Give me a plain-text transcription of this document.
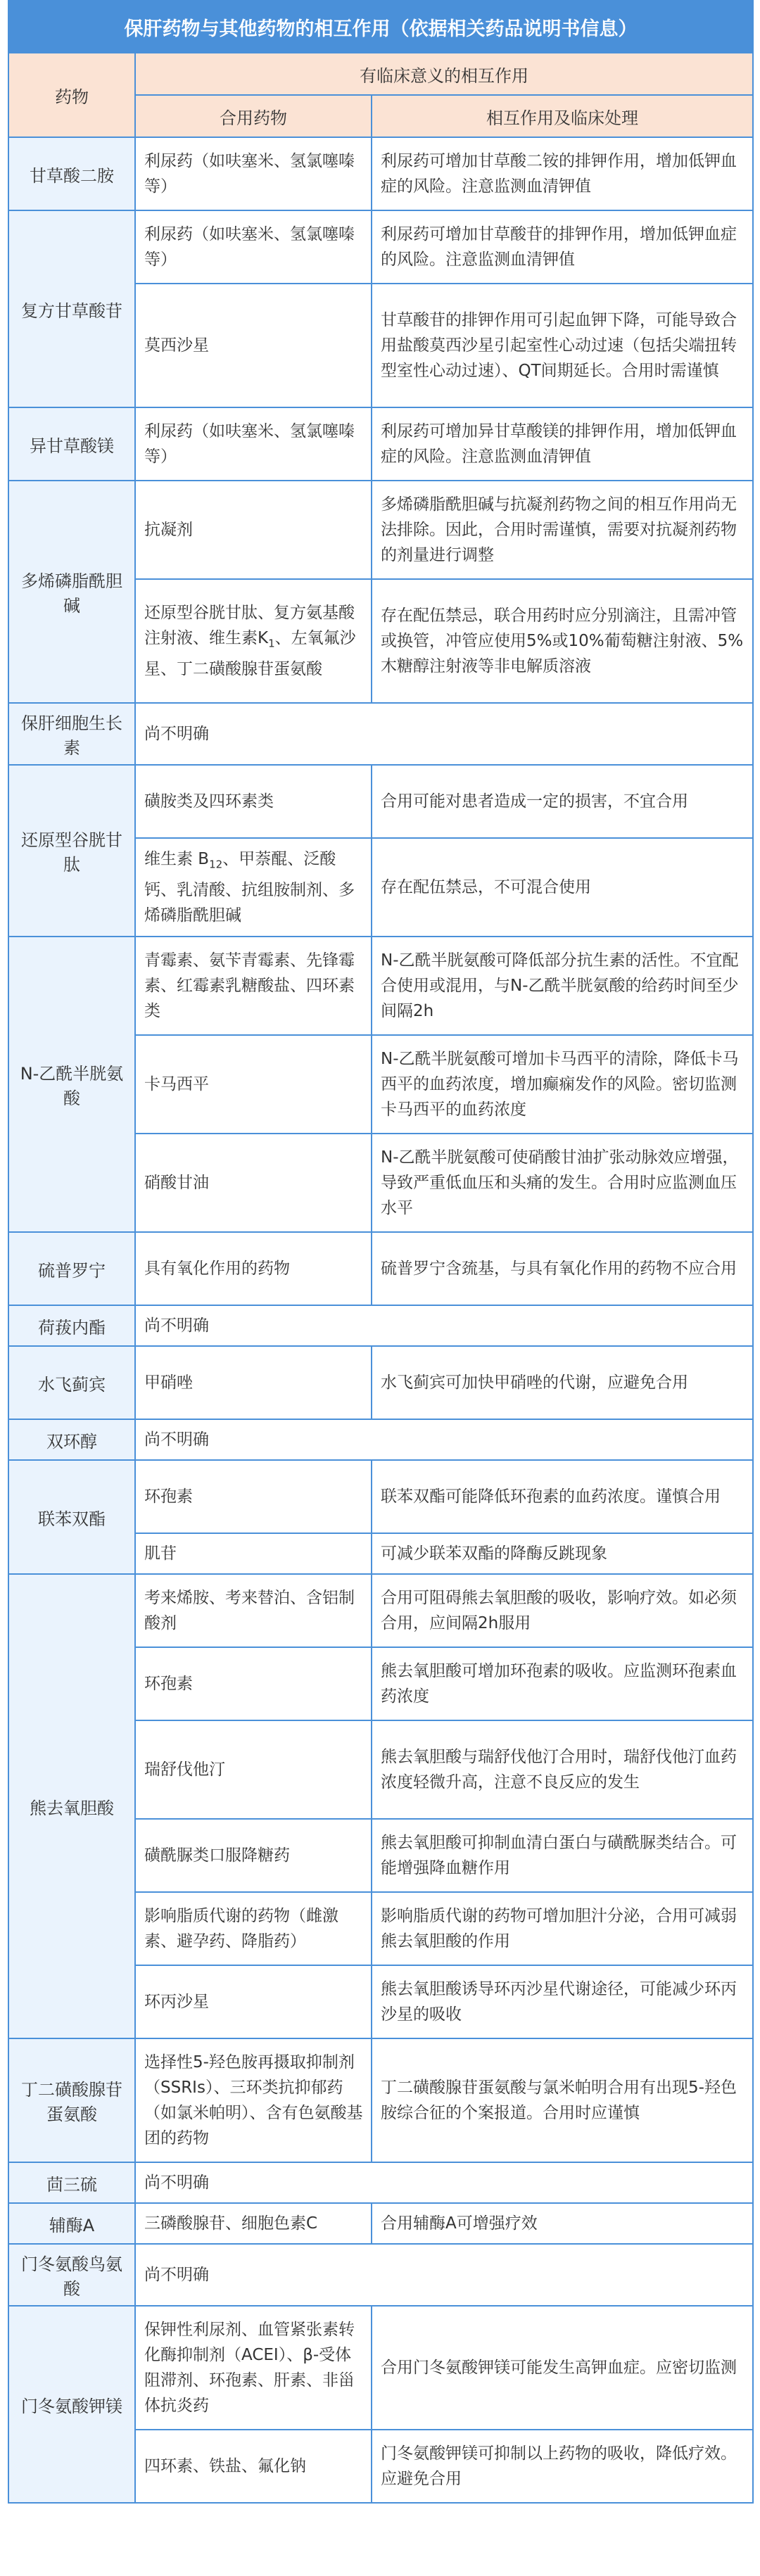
保肝药物与其他药物的相互作用（依据相关药品说明书信息）		
药物	有临床意义的相互作用	
	合用药物	相互作用及临床处理
甘草酸二胺	利尿药（如呋塞米、氢氯噻嗪等）	利尿药可增加甘草酸二铵的排钾作用，增加低钾血症的风险。注意监测血清钾值
复方甘草酸苷	利尿药（如呋塞米、氢氯噻嗪等）	利尿药可增加甘草酸苷的排钾作用，增加低钾血症的风险。注意监测血清钾值
	莫西沙星	甘草酸苷的排钾作用可引起血钾下降，可能导致合用盐酸莫西沙星引起室性心动过速（包括尖端扭转型室性心动过速）、QT间期延长。合用时需谨慎
异甘草酸镁	利尿药（如呋塞米、氢氯噻嗪等）	利尿药可增加异甘草酸镁的排钾作用，增加低钾血症的风险。注意监测血清钾值
多烯磷脂酰胆碱	抗凝剂	多烯磷脂酰胆碱与抗凝剂药物之间的相互作用尚无法排除。因此，合用时需谨慎，需要对抗凝剂药物的剂量进行调整
	还原型谷胱甘肽、复方氨基酸注射液、维生素$K_1$、左氧氟沙星、丁二磺酸腺苷蛋氨酸	存在配伍禁忌，联合用药时应分别滴注，且需冲管或换管，冲管应使用5%或10%葡萄糖注射液、5%木糖醇注射液等非电解质溶液
保肝细胞生长素	尚不明确	
还原型谷胱甘肽	磺胺类及四环素类	合用可能对患者造成一定的损害，不宜合用
	维生素 $B_{12}$、甲萘醌、泛酸钙、乳清酸、抗组胺制剂、多烯磷脂酰胆碱	存在配伍禁忌，不可混合使用
N-乙酰半胱氨酸	青霉素、氨苄青霉素、先锋霉素、红霉素乳糖酸盐、四环素类	N-乙酰半胱氨酸可降低部分抗生素的活性。不宜配合使用或混用，与N-乙酰半胱氨酸的给药时间至少间隔2h
	卡马西平	N-乙酰半胱氨酸可增加卡马西平的清除，降低卡马西平的血药浓度，增加癫痫发作的风险。密切监测卡马西平的血药浓度
	硝酸甘油	N-乙酰半胱氨酸可使硝酸甘油扩张动脉效应增强，导致严重低血压和头痛的发生。合用时应监测血压水平
硫普罗宁	具有氧化作用的药物	硫普罗宁含巯基，与具有氧化作用的药物不应合用
荷菝内酯	尚不明确	
水飞蓟宾	甲硝唑	水飞蓟宾可加快甲硝唑的代谢，应避免合用
双环醇	尚不明确	
联苯双酯	环孢素	联苯双酯可能降低环孢素的血药浓度。谨慎合用
	肌苷	可减少联苯双酯的降酶反跳现象
熊去氧胆酸	考来烯胺、考来替泊、含铝制酸剂	合用可阻碍熊去氧胆酸的吸收，影响疗效。如必须合用，应间隔2h服用
	环孢素	熊去氧胆酸可增加环孢素的吸收。应监测环孢素血药浓度
	瑞舒伐他汀	熊去氧胆酸与瑞舒伐他汀合用时，瑞舒伐他汀血药浓度轻微升高，注意不良反应的发生
	磺酰脲类口服降糖药	熊去氧胆酸可抑制血清白蛋白与磺酰脲类结合。可能增强降血糖作用
	影响脂质代谢的药物（雌激素、避孕药、降脂药）	影响脂质代谢的药物可增加胆汁分泌，合用可减弱熊去氧胆酸的作用
	环丙沙星	熊去氧胆酸诱导环丙沙星代谢途径，可能减少环丙沙星的吸收
丁二磺酸腺苷蛋氨酸	选择性5-羟色胺再摄取抑制剂（SSRIs）、三环类抗抑郁药（如氯米帕明）、含有色氨酸基团的药物	丁二磺酸腺苷蛋氨酸与氯米帕明合用有出现5-羟色胺综合征的个案报道。合用时应谨慎
茴三硫	尚不明确	
辅酶A	三磷酸腺苷、细胞色素C	合用辅酶A可增强疗效
门冬氨酸鸟氨酸	尚不明确	
门冬氨酸钾镁	保钾性利尿剂、血管紧张素转化酶抑制剂（ACEI）、β-受体阻滞剂、环孢素、肝素、非甾体抗炎药	合用门冬氨酸钾镁可能发生高钾血症。应密切监测
	四环素、铁盐、氟化钠	门冬氨酸钾镁可抑制以上药物的吸收，降低疗效。应避免合用
